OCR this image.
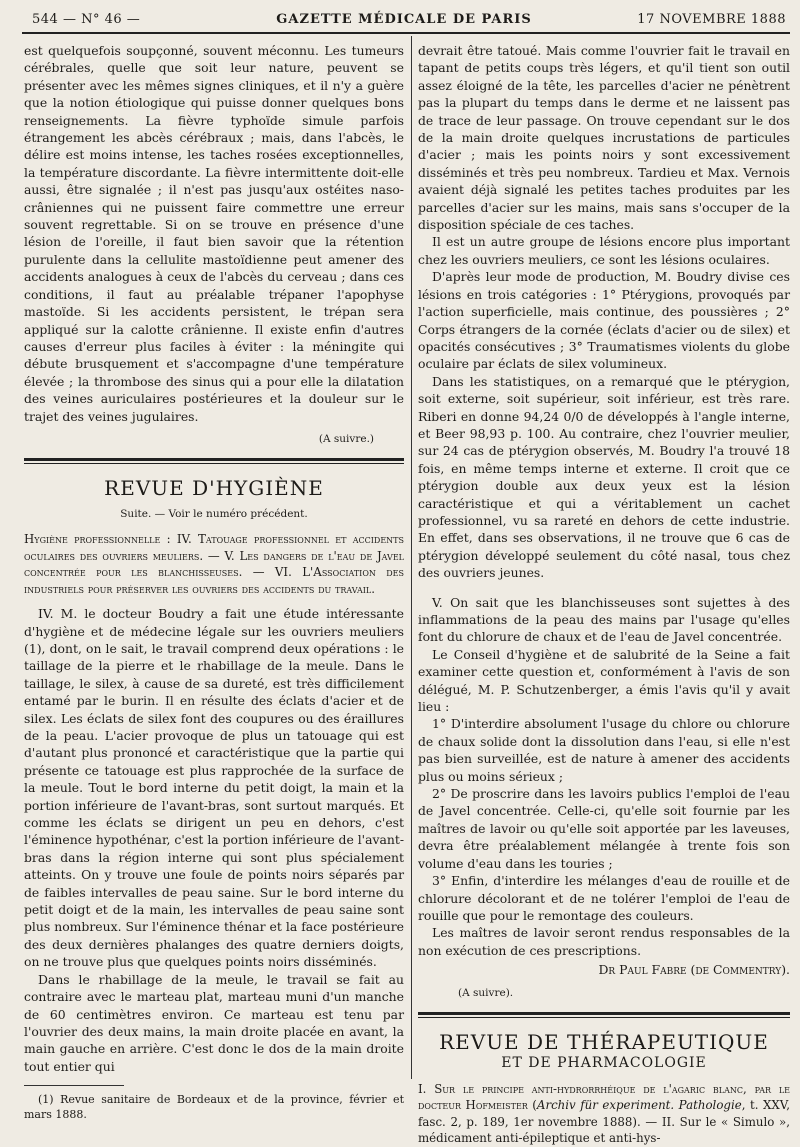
544 — N° 46 —	GAZETTE MÉDICALE DE PARIS	17 NOVEMBRE 1888

est quelquefois soupçonné, souvent méconnu. Les tumeurs cérébrales, quelle que soit leur nature, peuvent se présenter avec les mêmes signes cliniques, et il n'y a guère que la notion étiologique qui puisse donner quelques bons renseignements. La fièvre typhoïde simule parfois étrangement les abcès cérébraux ; mais, dans l'abcès, le délire est moins intense, les taches rosées exceptionnelles, la température discordante. La fièvre intermittente doit-elle aussi, être signalée ; il n'est pas jusqu'aux ostéites naso-crâniennes qui ne puissent faire commettre une erreur souvent regrettable. Si on se trouve en présence d'une lésion de l'oreille, il faut bien savoir que la rétention purulente dans la cellulite mastoïdienne peut amener des accidents analogues à ceux de l'abcès du cerveau ; dans ces conditions, il faut au préalable trépaner l'apophyse mastoïde. Si les accidents persistent, le trépan sera appliqué sur la calotte crânienne. Il existe enfin d'autres causes d'erreur plus faciles à éviter : la méningite qui débute brusquement et s'accompagne d'une température élevée ; la thrombose des sinus qui a pour elle la dilatation des veines auriculaires postérieures et la douleur sur le trajet des veines jugulaires.

(A suivre.)
REVUE D'HYGIÈNE
Suite. — Voir le numéro précédent.

Hygiène professionnelle : IV. Tatouage professionnel et accidents oculaires des ouvriers meuliers. — V. Les dangers de l'eau de Javel concentrée pour les blanchisseuses. — VI. L'Association des industriels pour préserver les ouvriers des accidents du travail.

IV. M. le docteur Boudry a fait une étude intéressante d'hygiène et de médecine légale sur les ouvriers meuliers (1), dont, on le sait, le travail comprend deux opérations : le taillage de la pierre et le rhabillage de la meule. Dans le taillage, le silex, à cause de sa dureté, est très difficilement entamé par le burin. Il en résulte des éclats d'acier et de silex. Les éclats de silex font des coupures ou des éraillures de la peau. L'acier provoque de plus un tatouage qui est d'autant plus prononcé et caractéristique que la partie qui présente ce tatouage est plus rapprochée de la surface de la meule. Tout le bord interne du petit doigt, la main et la portion inférieure de l'avant-bras, sont surtout marqués. Et comme les éclats se dirigent un peu en dehors, c'est l'éminence hypothénar, c'est la portion inférieure de l'avant-bras dans la région interne qui sont plus spécialement atteints. On y trouve une foule de points noirs séparés par de faibles intervalles de peau saine. Sur le bord interne du petit doigt et de la main, les intervalles de peau saine sont plus nombreux. Sur l'éminence thénar et la face postérieure des deux dernières phalanges des quatre derniers doigts, on ne trouve plus que quelques points noirs disséminés.

Dans le rhabillage de la meule, le travail se fait au contraire avec le marteau plat, marteau muni d'un manche de 60 centimètres environ. Ce marteau est tenu par l'ouvrier des deux mains, la main droite placée en avant, la main gauche en arrière. C'est donc le dos de la main droite tout entier qui

(1) Revue sanitaire de Bordeaux et de la province, février et mars 1888.

devrait être tatoué. Mais comme l'ouvrier fait le travail en tapant de petits coups très légers, et qu'il tient son outil assez éloigné de la tête, les parcelles d'acier ne pénètrent pas la plupart du temps dans le derme et ne laissent pas de trace de leur passage. On trouve cependant sur le dos de la main droite quelques incrustations de particules d'acier ; mais les points noirs y sont excessivement disséminés et très peu nombreux. Tardieu et Max. Vernois avaient déjà signalé les petites taches produites par les parcelles d'acier sur les mains, mais sans s'occuper de la disposition spéciale de ces taches.

Il est un autre groupe de lésions encore plus important chez les ouvriers meuliers, ce sont les lésions oculaires.

D'après leur mode de production, M. Boudry divise ces lésions en trois catégories : 1° Ptérygions, provoqués par l'action superficielle, mais continue, des poussières ; 2° Corps étrangers de la cornée (éclats d'acier ou de silex) et opacités consécutives ; 3° Traumatismes violents du globe oculaire par éclats de silex volumineux.

Dans les statistiques, on a remarqué que le ptérygion, soit externe, soit supérieur, soit inférieur, est très rare. Riberi en donne 94,24 0/0 de développés à l'angle interne, et Beer 98,93 p. 100. Au contraire, chez l'ouvrier meulier, sur 24 cas de ptérygion observés, M. Boudry l'a trouvé 18 fois, en même temps interne et externe. Il croit que ce ptérygion double aux deux yeux est la lésion caractéristique et qui a véritablement un cachet professionnel, vu sa rareté en dehors de cette industrie. En effet, dans ses observations, il ne trouve que 6 cas de ptérygion développé seulement du côté nasal, tous chez des ouvriers jeunes.

V. On sait que les blanchisseuses sont sujettes à des inflammations de la peau des mains par l'usage qu'elles font du chlorure de chaux et de l'eau de Javel concentrée.

Le Conseil d'hygiène et de salubrité de la Seine a fait examiner cette question et, conformément à l'avis de son délégué, M. P. Schutzenberger, a émis l'avis qu'il y avait lieu :

1° D'interdire absolument l'usage du chlore ou chlorure de chaux solide dont la dissolution dans l'eau, si elle n'est pas bien surveillée, est de nature à amener des accidents plus ou moins sérieux ;

2° De proscrire dans les lavoirs publics l'emploi de l'eau de Javel concentrée. Celle-ci, qu'elle soit fournie par les maîtres de lavoir ou qu'elle soit apportée par les laveuses, devra être préalablement mélangée à trente fois son volume d'eau dans les touries ;

3° Enfin, d'interdire les mélanges d'eau de rouille et de chlorure décolorant et de ne tolérer l'emploi de l'eau de rouille que pour le remontage des couleurs.

Les maîtres de lavoir seront rendus responsables de la non exécution de ces prescriptions.

Dr Paul Fabre (de Commentry).
(A suivre).
REVUE DE THÉRAPEUTIQUE
ET DE PHARMACOLOGIE

I. Sur le principe anti-hydrorrhéique de l'agaric blanc, par le docteur Hofmeister (Archiv für experiment. Pathologie, t. XXV, fasc. 2, p. 189, 1er novembre 1888). — II. Sur le « Simulo », médicament anti-épileptique et anti-hys-
